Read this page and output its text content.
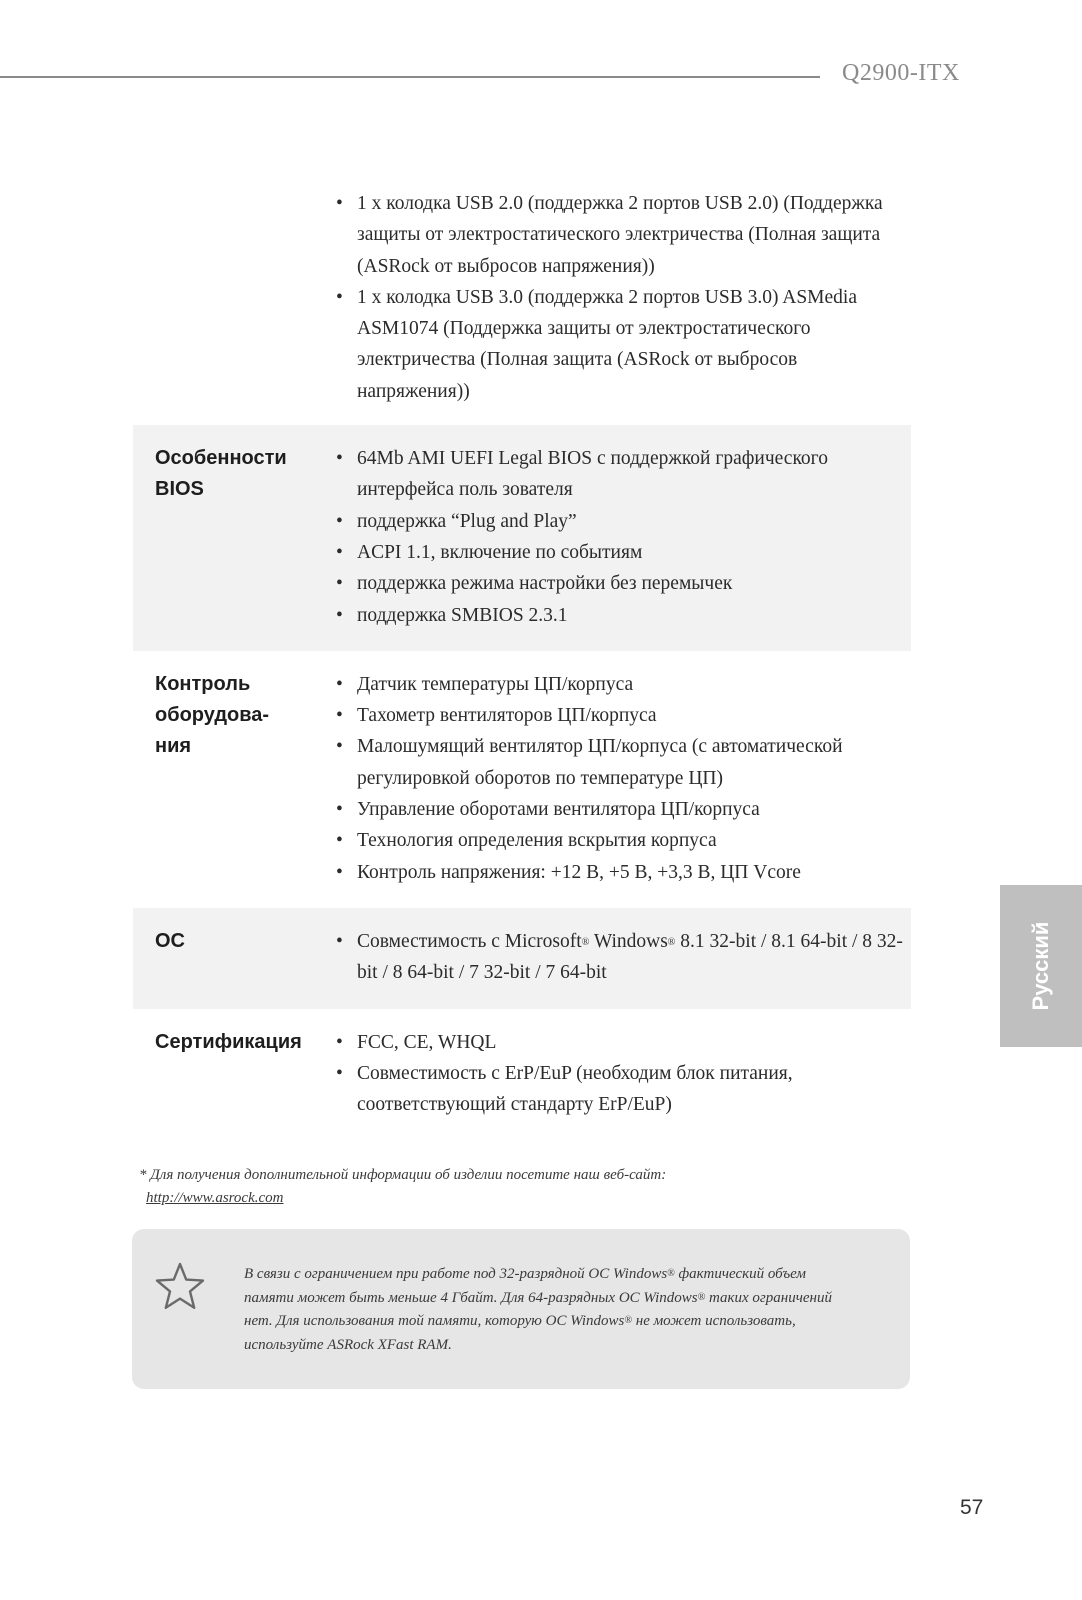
Q2900-ITX
• 1 x колодка USB 2.0 (поддержка 2 портов USB 2.0) (Поддержка защиты от электростатического электричества (Полная защита (ASRock от выбросов напряжения))
• 1 x колодка USB 3.0 (поддержка 2 портов USB 3.0) ASMedia ASM1074 (Поддержка защиты от электростатического электричества (Полная защита (ASRock от выбросов напряжения))
Особенности
BIOS
• 64Mb AMI UEFI Legal BIOS с поддержкой графического интерфейса поль зователя
• поддержка “Plug and Play”
• ACPI 1.1, включение по событиям
• поддержка режима настройки без перемычек
• поддержка SMBIOS 2.3.1
Контроль
оборудова-
ния
• Датчик температуры ЦП/корпуса
• Тахометр вентиляторов ЦП/корпуса
• Малошумящий вентилятор ЦП/корпуса (с автоматической регулировкой оборотов по температуре ЦП)
• Управление оборотами вентилятора ЦП/корпуса
• Технология определения вскрытия корпуса
• Контроль напряжения: +12 В, +5 В, +3,3 В, ЦП Vcore
ОС	• Совместимость с Microsoft® Windows® 8.1 32-bit / 8.1 64-bit / 8 32-bit / 8 64-bit / 7 32-bit / 7 64-bit
Сертификация	• FCC, CE, WHQL
• Совместимость с ErP/EuP (необходим блок питания, соответствующий стандарту ErP/EuP)
Русский
* Для получения дополнительной информации об изделии посетите наш веб-сайт:
http://www.asrock.com
В связи с ограничением при работе под 32-разрядной ОС Windows® фактический объем памяти может быть меньше 4 Гбайт. Для 64-разрядных ОС Windows® таких ограничений нет. Для использования той памяти, которую ОС Windows® не может использовать, используйте ASRock XFast RAM.
57
